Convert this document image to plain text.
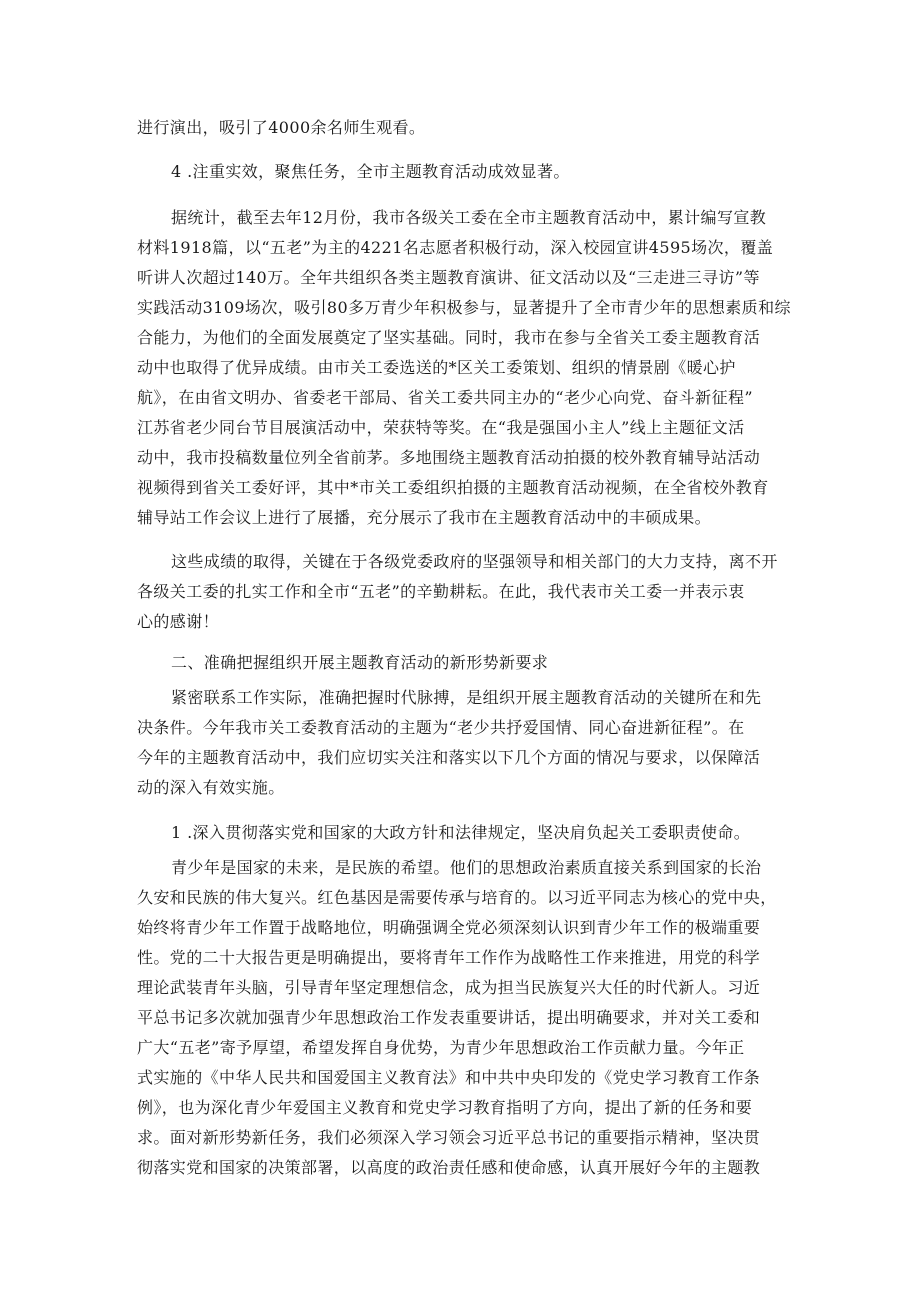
进行演出，吸引了4000余名师生观看。
4 .注重实效，聚焦任务，全市主题教育活动成效显著。
据统计，截至去年12月份，我市各级关工委在全市主题教育活动中，累计编写宣教
材料1918篇，以“五老”为主的4221名志愿者积极行动，深入校园宣讲4595场次，覆盖
听讲人次超过140万。全年共组织各类主题教育演讲、征文活动以及“三走进三寻访”等
实践活动3109场次，吸引80多万青少年积极参与，显著提升了全市青少年的思想素质和综
合能力，为他们的全面发展奠定了坚实基础。同时，我市在参与全省关工委主题教育活
动中也取得了优异成绩。由市关工委选送的*区关工委策划、组织的情景剧《暖心护
航》，在由省文明办、省委老干部局、省关工委共同主办的“老少心向党、奋斗新征程”
江苏省老少同台节目展演活动中，荣获特等奖。在“我是强国小主人”线上主题征文活
动中，我市投稿数量位列全省前茅。多地围绕主题教育活动拍摄的校外教育辅导站活动
视频得到省关工委好评，其中*市关工委组织拍摄的主题教育活动视频，在全省校外教育
辅导站工作会议上进行了展播，充分展示了我市在主题教育活动中的丰硕成果。
这些成绩的取得，关键在于各级党委政府的坚强领导和相关部门的大力支持，离不开
各级关工委的扎实工作和全市“五老”的辛勤耕耘。在此，我代表市关工委一并表示衷
心的感谢！
二、准确把握组织开展主题教育活动的新形势新要求
紧密联系工作实际，准确把握时代脉搏，是组织开展主题教育活动的关键所在和先
决条件。今年我市关工委教育活动的主题为“老少共抒爱国情、同心奋进新征程”。在
今年的主题教育活动中，我们应切实关注和落实以下几个方面的情况与要求，以保障活
动的深入有效实施。
1 .深入贯彻落实党和国家的大政方针和法律规定，坚决肩负起关工委职责使命。
青少年是国家的未来，是民族的希望。他们的思想政治素质直接关系到国家的长治
久安和民族的伟大复兴。红色基因是需要传承与培育的。以习近平同志为核心的党中央，
始终将青少年工作置于战略地位，明确强调全党必须深刻认识到青少年工作的极端重要
性。党的二十大报告更是明确提出，要将青年工作作为战略性工作来推进，用党的科学
理论武装青年头脑，引导青年坚定理想信念，成为担当民族复兴大任的时代新人。习近
平总书记多次就加强青少年思想政治工作发表重要讲话，提出明确要求，并对关工委和
广大“五老”寄予厚望，希望发挥自身优势，为青少年思想政治工作贡献力量。今年正
式实施的《中华人民共和国爱国主义教育法》和中共中央印发的《党史学习教育工作条
例》，也为深化青少年爱国主义教育和党史学习教育指明了方向，提出了新的任务和要
求。面对新形势新任务，我们必须深入学习领会习近平总书记的重要指示精神，坚决贯
彻落实党和国家的决策部署，以高度的政治责任感和使命感，认真开展好今年的主题教
